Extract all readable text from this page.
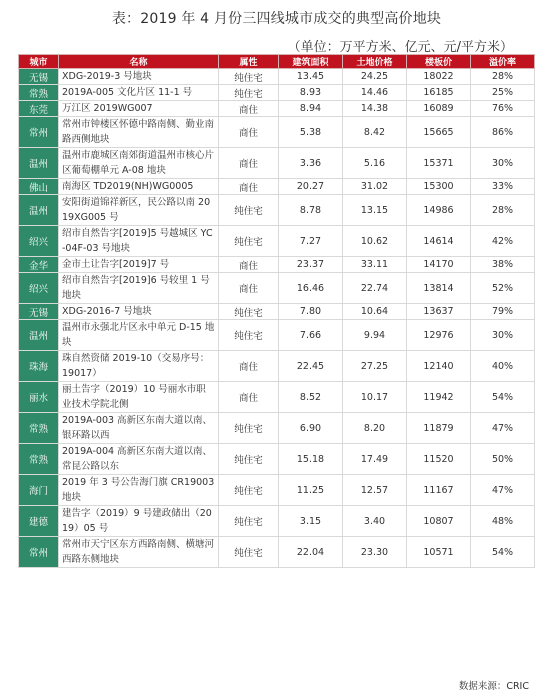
表：2019 年 4 月份三四线城市成交的典型高价地块
（单位：万平方米、亿元、元/平方米）
城市	名称	属性	建筑面积	土地价格	楼板价	溢价率
无锡	XDG-2019-3 号地块	纯住宅	13.45	24.25	18022	28%
常熟	2019A-005 文化片区 11-1 号	纯住宅	8.93	14.46	16185	25%
东莞	万江区 2019WG007	商住	8.94	14.38	16089	76%
常州	常州市钟楼区怀德中路南侧、勤业南路西侧地块	商住	5.38	8.42	15665	86%
温州	温州市鹿城区南郊街道温州市核心片区葡萄棚单元 A-08 地块	商住	3.36	5.16	15371	30%
佛山	南海区 TD2019(NH)WG0005	商住	20.27	31.02	15300	33%
温州	安阳街道锦祥新区，民公路以南 2019XG005 号	纯住宅	8.78	13.15	14986	28%
绍兴	绍市自然告字[2019]5 号越城区 YC-04F-03 号地块	纯住宅	7.27	10.62	14614	42%
金华	金市土让告字[2019]7 号	商住	23.37	33.11	14170	38%
绍兴	绍市自然告字[2019]6 号较里 1 号地块	商住	16.46	22.74	13814	52%
无锡	XDG-2016-7 号地块	纯住宅	7.80	10.64	13637	79%
温州	温州市永强北片区永中单元 D-15 地块	纯住宅	7.66	9.94	12976	30%
珠海	珠自然资储 2019-10（交易序号：19017）	商住	22.45	27.25	12140	40%
丽水	丽土告字（2019）10 号丽水市职业技术学院北侧	商住	8.52	10.17	11942	54%
常熟	2019A-003 高新区东南大道以南、银环路以西	纯住宅	6.90	8.20	11879	47%
常熟	2019A-004 高新区东南大道以南、常昆公路以东	纯住宅	15.18	17.49	11520	50%
海门	2019 年 3 号公告海门旗 CR19003 地块	纯住宅	11.25	12.57	11167	47%
建德	建告字（2019）9 号建政储出（2019）05 号	纯住宅	3.15	3.40	10807	48%
常州	常州市天宁区东方西路南侧、横塘河西路东侧地块	纯住宅	22.04	23.30	10571	54%
数据来源：CRIC
